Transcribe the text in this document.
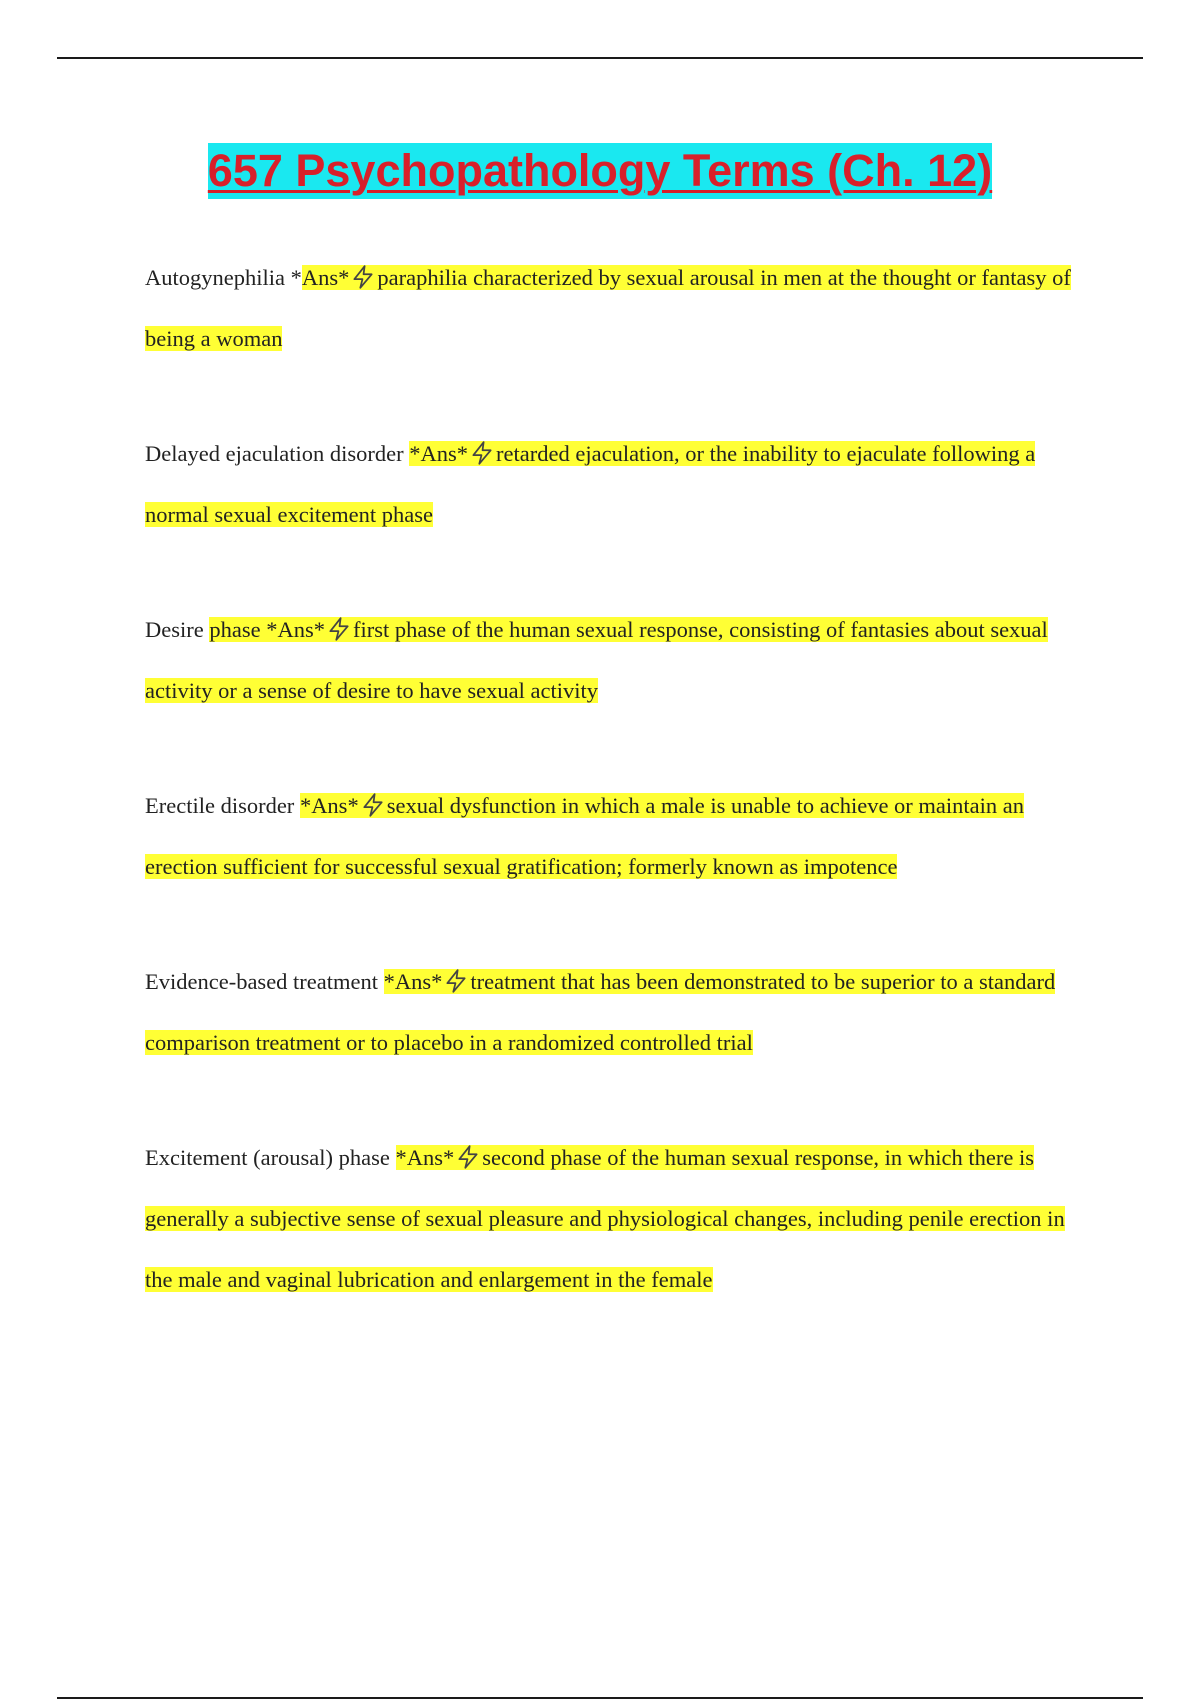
657 Psychopathology Terms (Ch. 12)

Autogynephilia *Ans* paraphilia characterized by sexual arousal in men at the thought or fantasy of being a woman

Delayed ejaculation disorder *Ans* retarded ejaculation, or the inability to ejaculate following a normal sexual excitement phase

Desire phase *Ans* first phase of the human sexual response, consisting of fantasies about sexual activity or a sense of desire to have sexual activity

Erectile disorder *Ans* sexual dysfunction in which a male is unable to achieve or maintain an erection sufficient for successful sexual gratification; formerly known as impotence

Evidence-based treatment *Ans* treatment that has been demonstrated to be superior to a standard comparison treatment or to placebo in a randomized controlled trial

Excitement (arousal) phase *Ans* second phase of the human sexual response, in which there is generally a subjective sense of sexual pleasure and physiological changes, including penile erection in the male and vaginal lubrication and enlargement in the female
